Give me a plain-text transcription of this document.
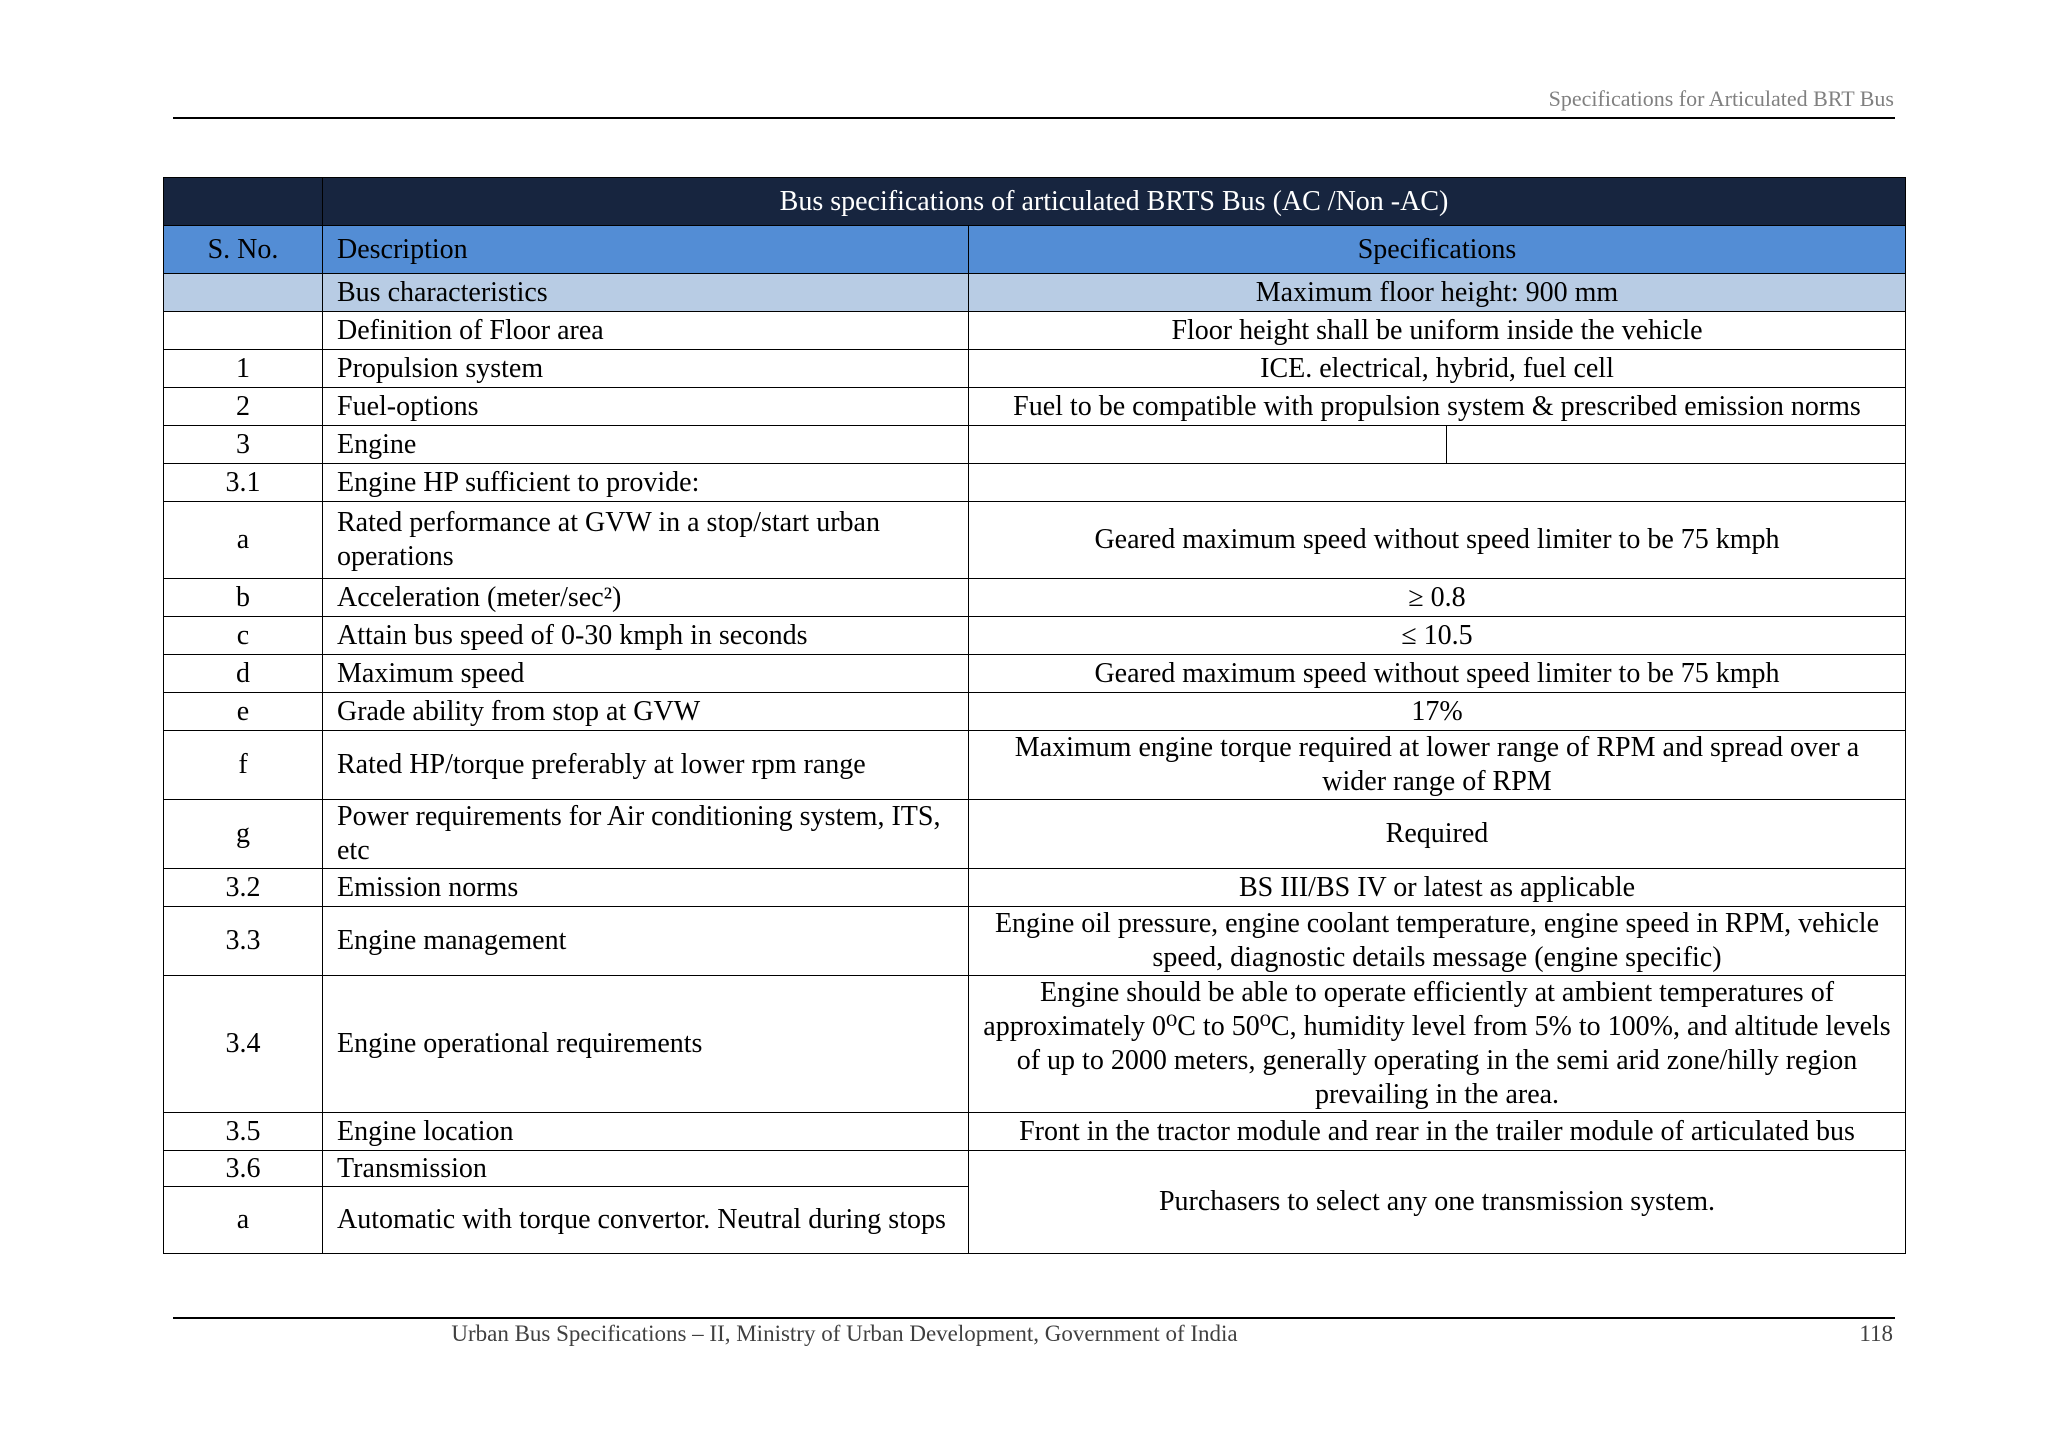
Specifications for Articulated BRT Bus
	Bus specifications of articulated BRTS Bus (AC /Non -AC)	
S. No.	Description	Specifications
	Bus characteristics	Maximum floor height: 900 mm
	Definition of Floor area	Floor height shall be uniform inside the vehicle
1	Propulsion system	ICE. electrical, hybrid, fuel cell
2	Fuel-options	Fuel to be compatible with propulsion system & prescribed emission norms
3	Engine	

3.1	Engine HP sufficient to provide:	
a	Rated performance at GVW in a stop/start urban operations	Geared maximum speed without speed limiter to be 75 kmph
b	Acceleration (meter/sec²)	≥ 0.8
c	Attain bus speed of 0-30 kmph in seconds	≤ 10.5
d	Maximum speed	Geared maximum speed without speed limiter to be 75 kmph
e	Grade ability from stop at GVW	17%
f	Rated HP/torque preferably at lower rpm range	Maximum engine torque required at lower range of RPM and spread over a wider range of RPM
g	Power requirements for Air conditioning system, ITS, etc	Required
3.2	Emission norms	BS III/BS IV or latest as applicable
3.3	Engine management	Engine oil pressure, engine coolant temperature, engine speed in RPM, vehicle speed, diagnostic details message (engine specific)
3.4	Engine operational requirements	Engine should be able to operate efficiently at ambient temperatures of approximately 0⁰C to 50⁰C, humidity level from 5% to 100%, and altitude levels of up to 2000 meters, generally operating in the semi arid zone/hilly region prevailing in the area.
3.5	Engine location	Front in the tractor module and rear in the trailer module of articulated bus
3.6	Transmission	Purchasers to select any one transmission system.
a	Automatic with torque convertor. Neutral during stops	
Urban Bus Specifications – II, Ministry of Urban Development, Government of India	118
